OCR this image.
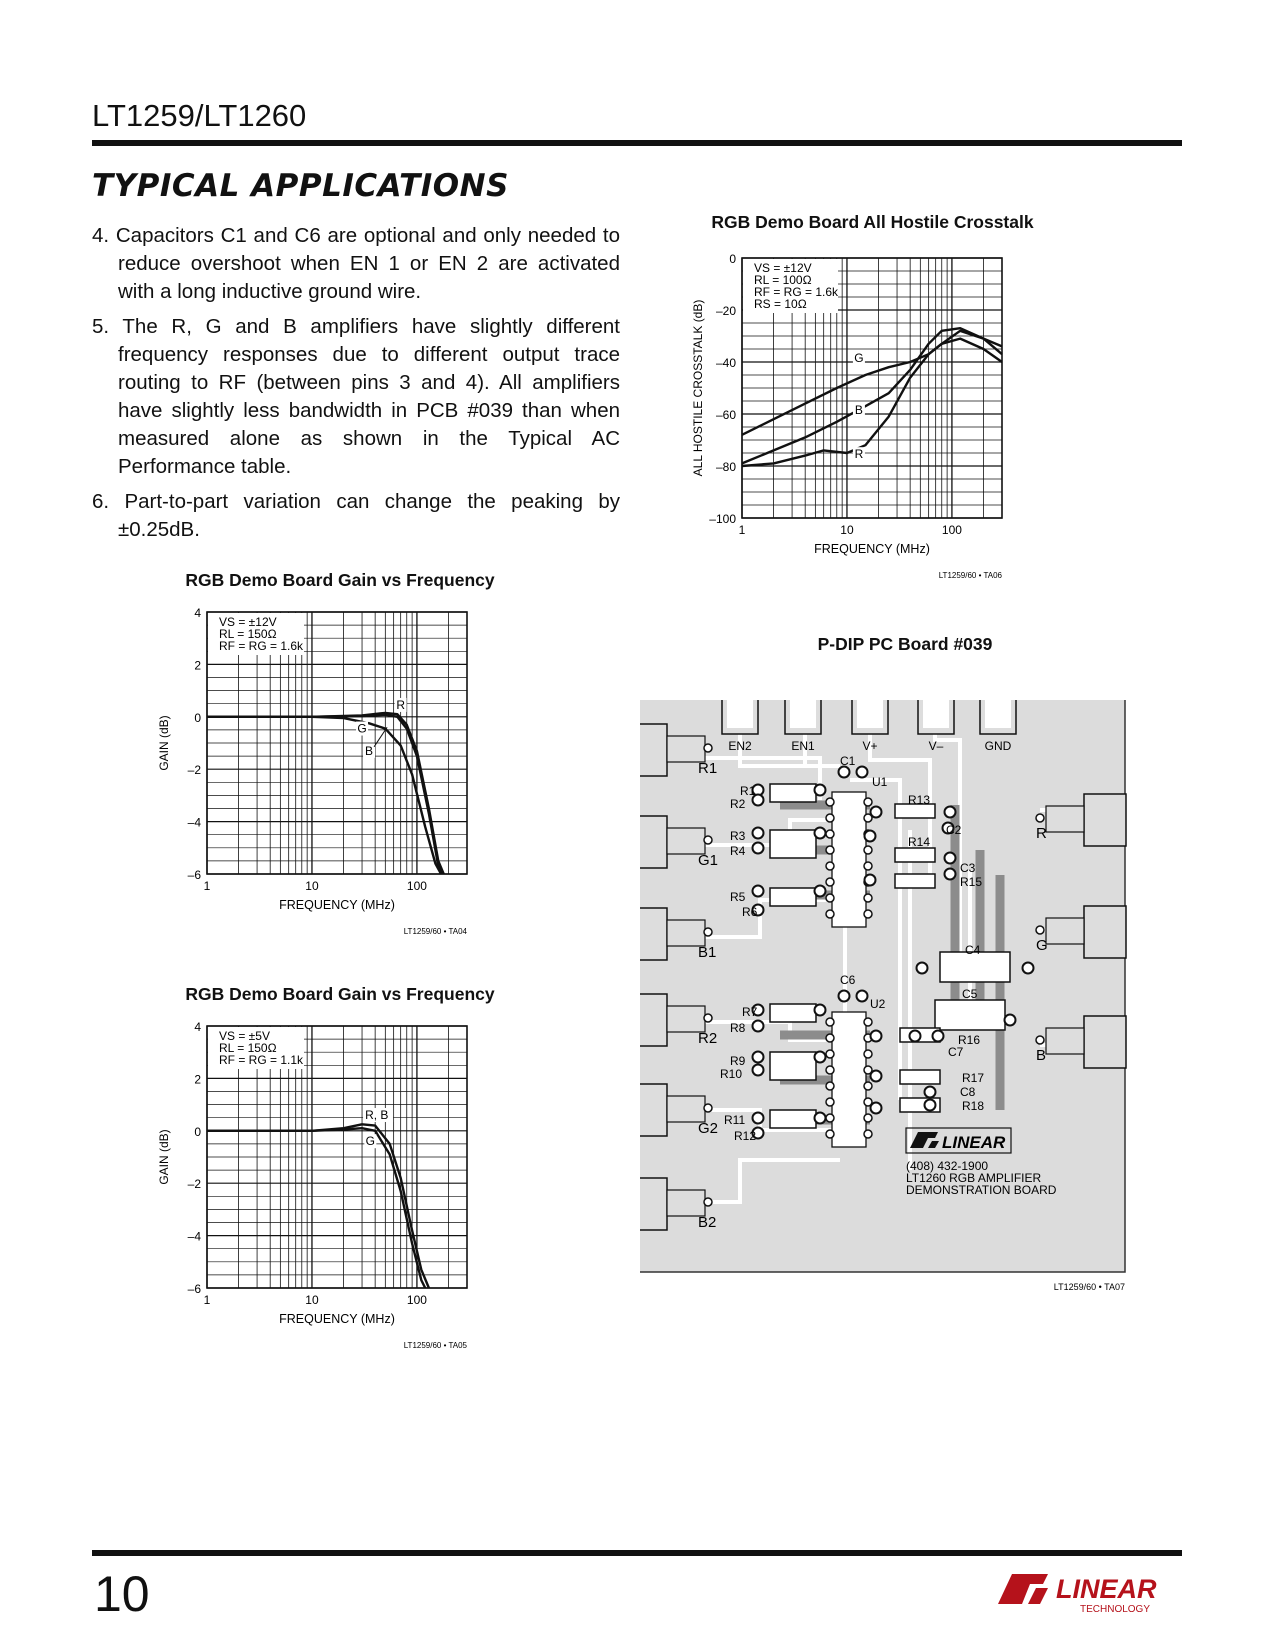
LT1259/LT1260
TYPICAL APPLICATIONS

4. Capacitors C1 and C6 are optional and only needed to reduce overshoot when EN 1 or EN 2 are activated with a long inductive ground wire.

5. The R, G and B amplifiers have slightly different frequency responses due to different output trace routing to RF (between pins 3 and 4). All amplifiers have slightly less bandwidth in PCB #039 than when measured alone as shown in the Typical AC Performance table.

6. Part-to-part variation can change the peaking by ±0.25dB.

RGB Demo Board All Hostile Crosstalk
0
–20
–40
–60
–80
–100
1	10	100
FREQUENCY (MHz)
ALL HOSTILE CROSSTALK (dB)
VS = ±12V
RL = 100Ω
RF = RG = 1.6k
RS = 10Ω
G
B
R
LT1259/60 • TA06
RGB Demo Board Gain vs Frequency
4
2
0
–2
–4
–6
1	10	100
FREQUENCY (MHz)
GAIN (dB)
VS = ±12V
RL = 150Ω
RF = RG = 1.6k
R
G
B
LT1259/60 • TA04
RGB Demo Board Gain vs Frequency
4
2
0
–2
–4
–6
1	10	100
FREQUENCY (MHz)
GAIN (dB)
VS = ±5V
RL = 150Ω
RF = RG = 1.1k
R, B
G
LT1259/60 • TA05
P-DIP PC Board #039
EN2	EN1	V+	V–	GND
R1
G1
B1
R2
G2
B2
R
G
B
C1
U1
R1
R2
R3
R4
R5
R6
R13
R14
C2
C3
R15
C4
C5
C6
U2
R7
R8
R9
R10
R11
R12
R16
C7
R17
C8
R18
LINEAR
(408) 432-1900
LT1260 RGB AMPLIFIER
DEMONSTRATION BOARD
LT1259/60 • TA07
10	LINEAR
TECHNOLOGY
